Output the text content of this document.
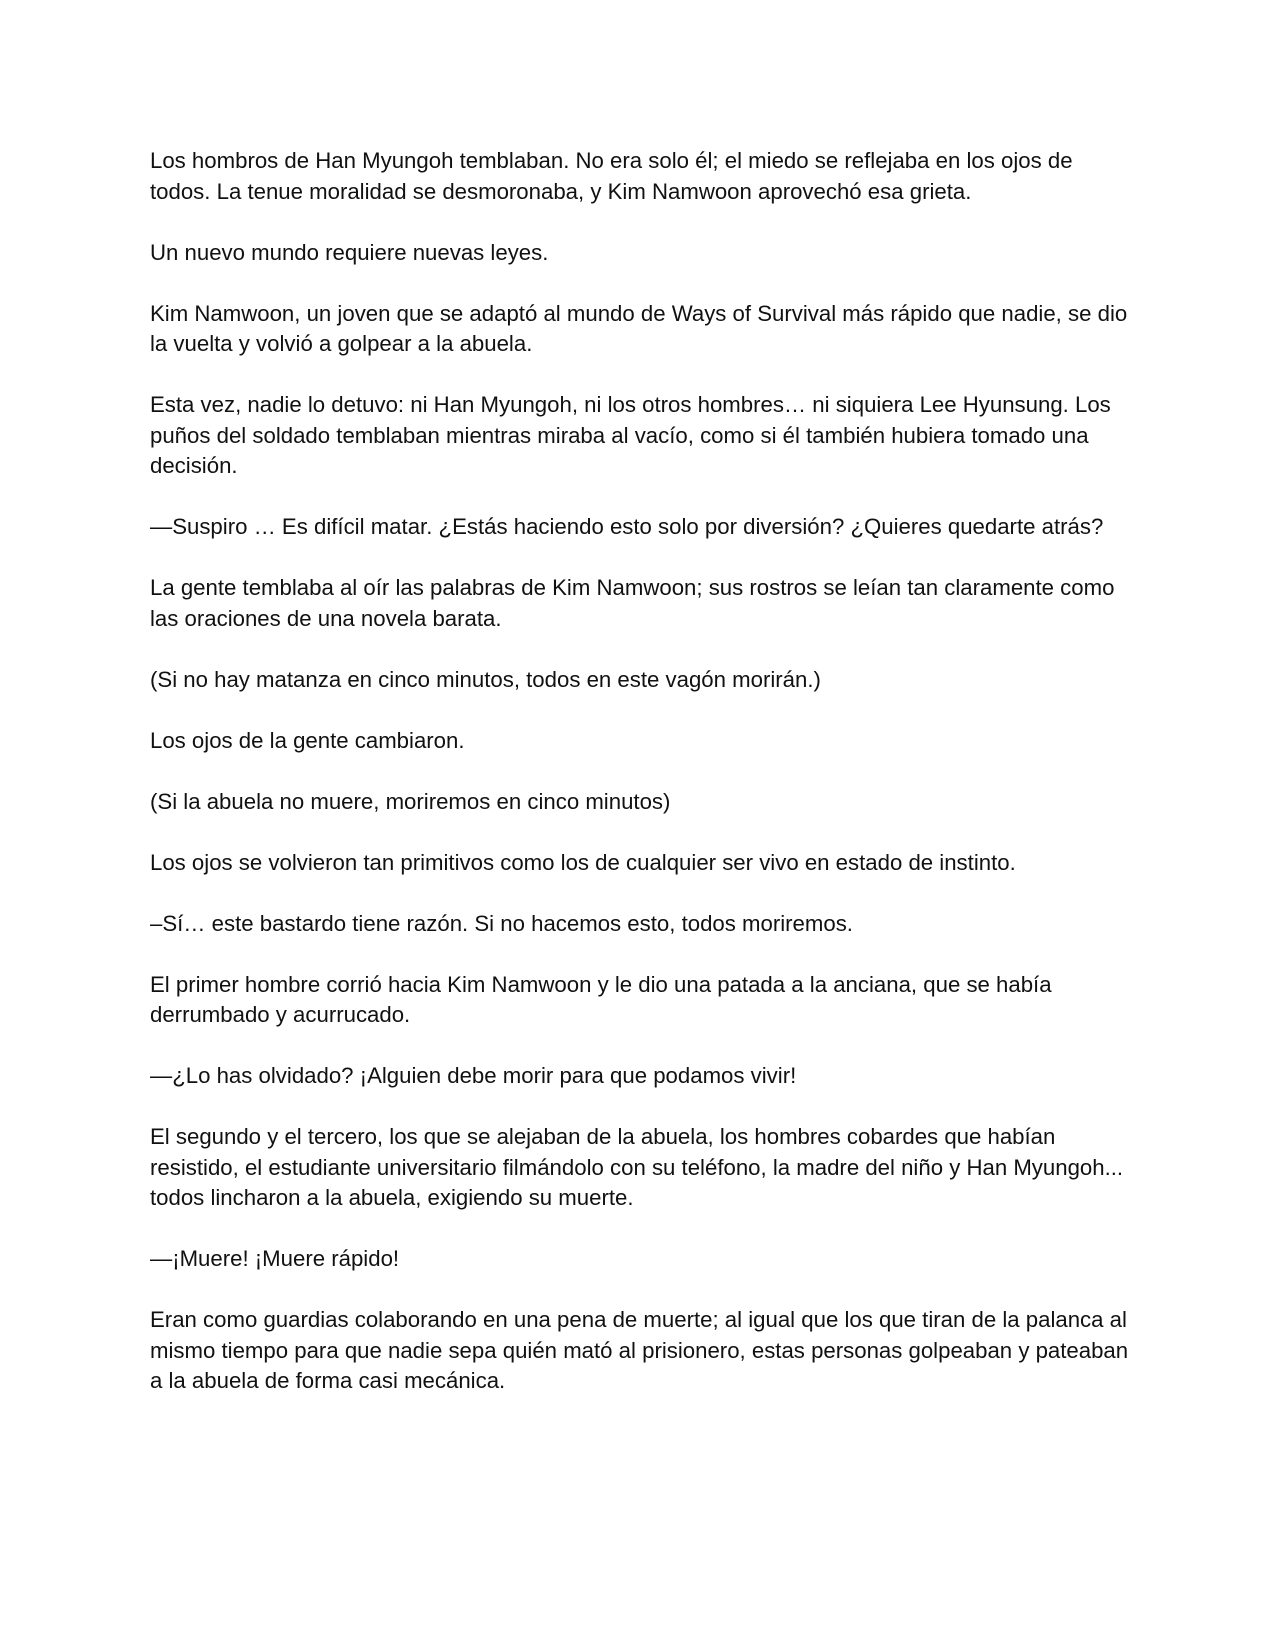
Los hombros de Han Myungoh temblaban. No era solo él; el miedo se reflejaba en los ojos de todos. La tenue moralidad se desmoronaba, y Kim Namwoon aprovechó esa grieta.

Un nuevo mundo requiere nuevas leyes.

Kim Namwoon, un joven que se adaptó al mundo de Ways of Survival más rápido que nadie, se dio la vuelta y volvió a golpear a la abuela.

Esta vez, nadie lo detuvo: ni Han Myungoh, ni los otros hombres… ni siquiera Lee Hyunsung. Los puños del soldado temblaban mientras miraba al vacío, como si él también hubiera tomado una decisión.

—Suspiro … Es difícil matar. ¿Estás haciendo esto solo por diversión? ¿Quieres quedarte atrás?

La gente temblaba al oír las palabras de Kim Namwoon; sus rostros se leían tan claramente como las oraciones de una novela barata.

(Si no hay matanza en cinco minutos, todos en este vagón morirán.)

Los ojos de la gente cambiaron.

(Si la abuela no muere, moriremos en cinco minutos)

Los ojos se volvieron tan primitivos como los de cualquier ser vivo en estado de instinto.

–Sí… este bastardo tiene razón. Si no hacemos esto, todos moriremos.

El primer hombre corrió hacia Kim Namwoon y le dio una patada a la anciana, que se había derrumbado y acurrucado.

—¿Lo has olvidado? ¡Alguien debe morir para que podamos vivir!

El segundo y el tercero, los que se alejaban de la abuela, los hombres cobardes que habían resistido, el estudiante universitario filmándolo con su teléfono, la madre del niño y Han Myungoh... todos lincharon a la abuela, exigiendo su muerte.

—¡Muere! ¡Muere rápido!

Eran como guardias colaborando en una pena de muerte; al igual que los que tiran de la palanca al mismo tiempo para que nadie sepa quién mató al prisionero, estas personas golpeaban y pateaban a la abuela de forma casi mecánica.
